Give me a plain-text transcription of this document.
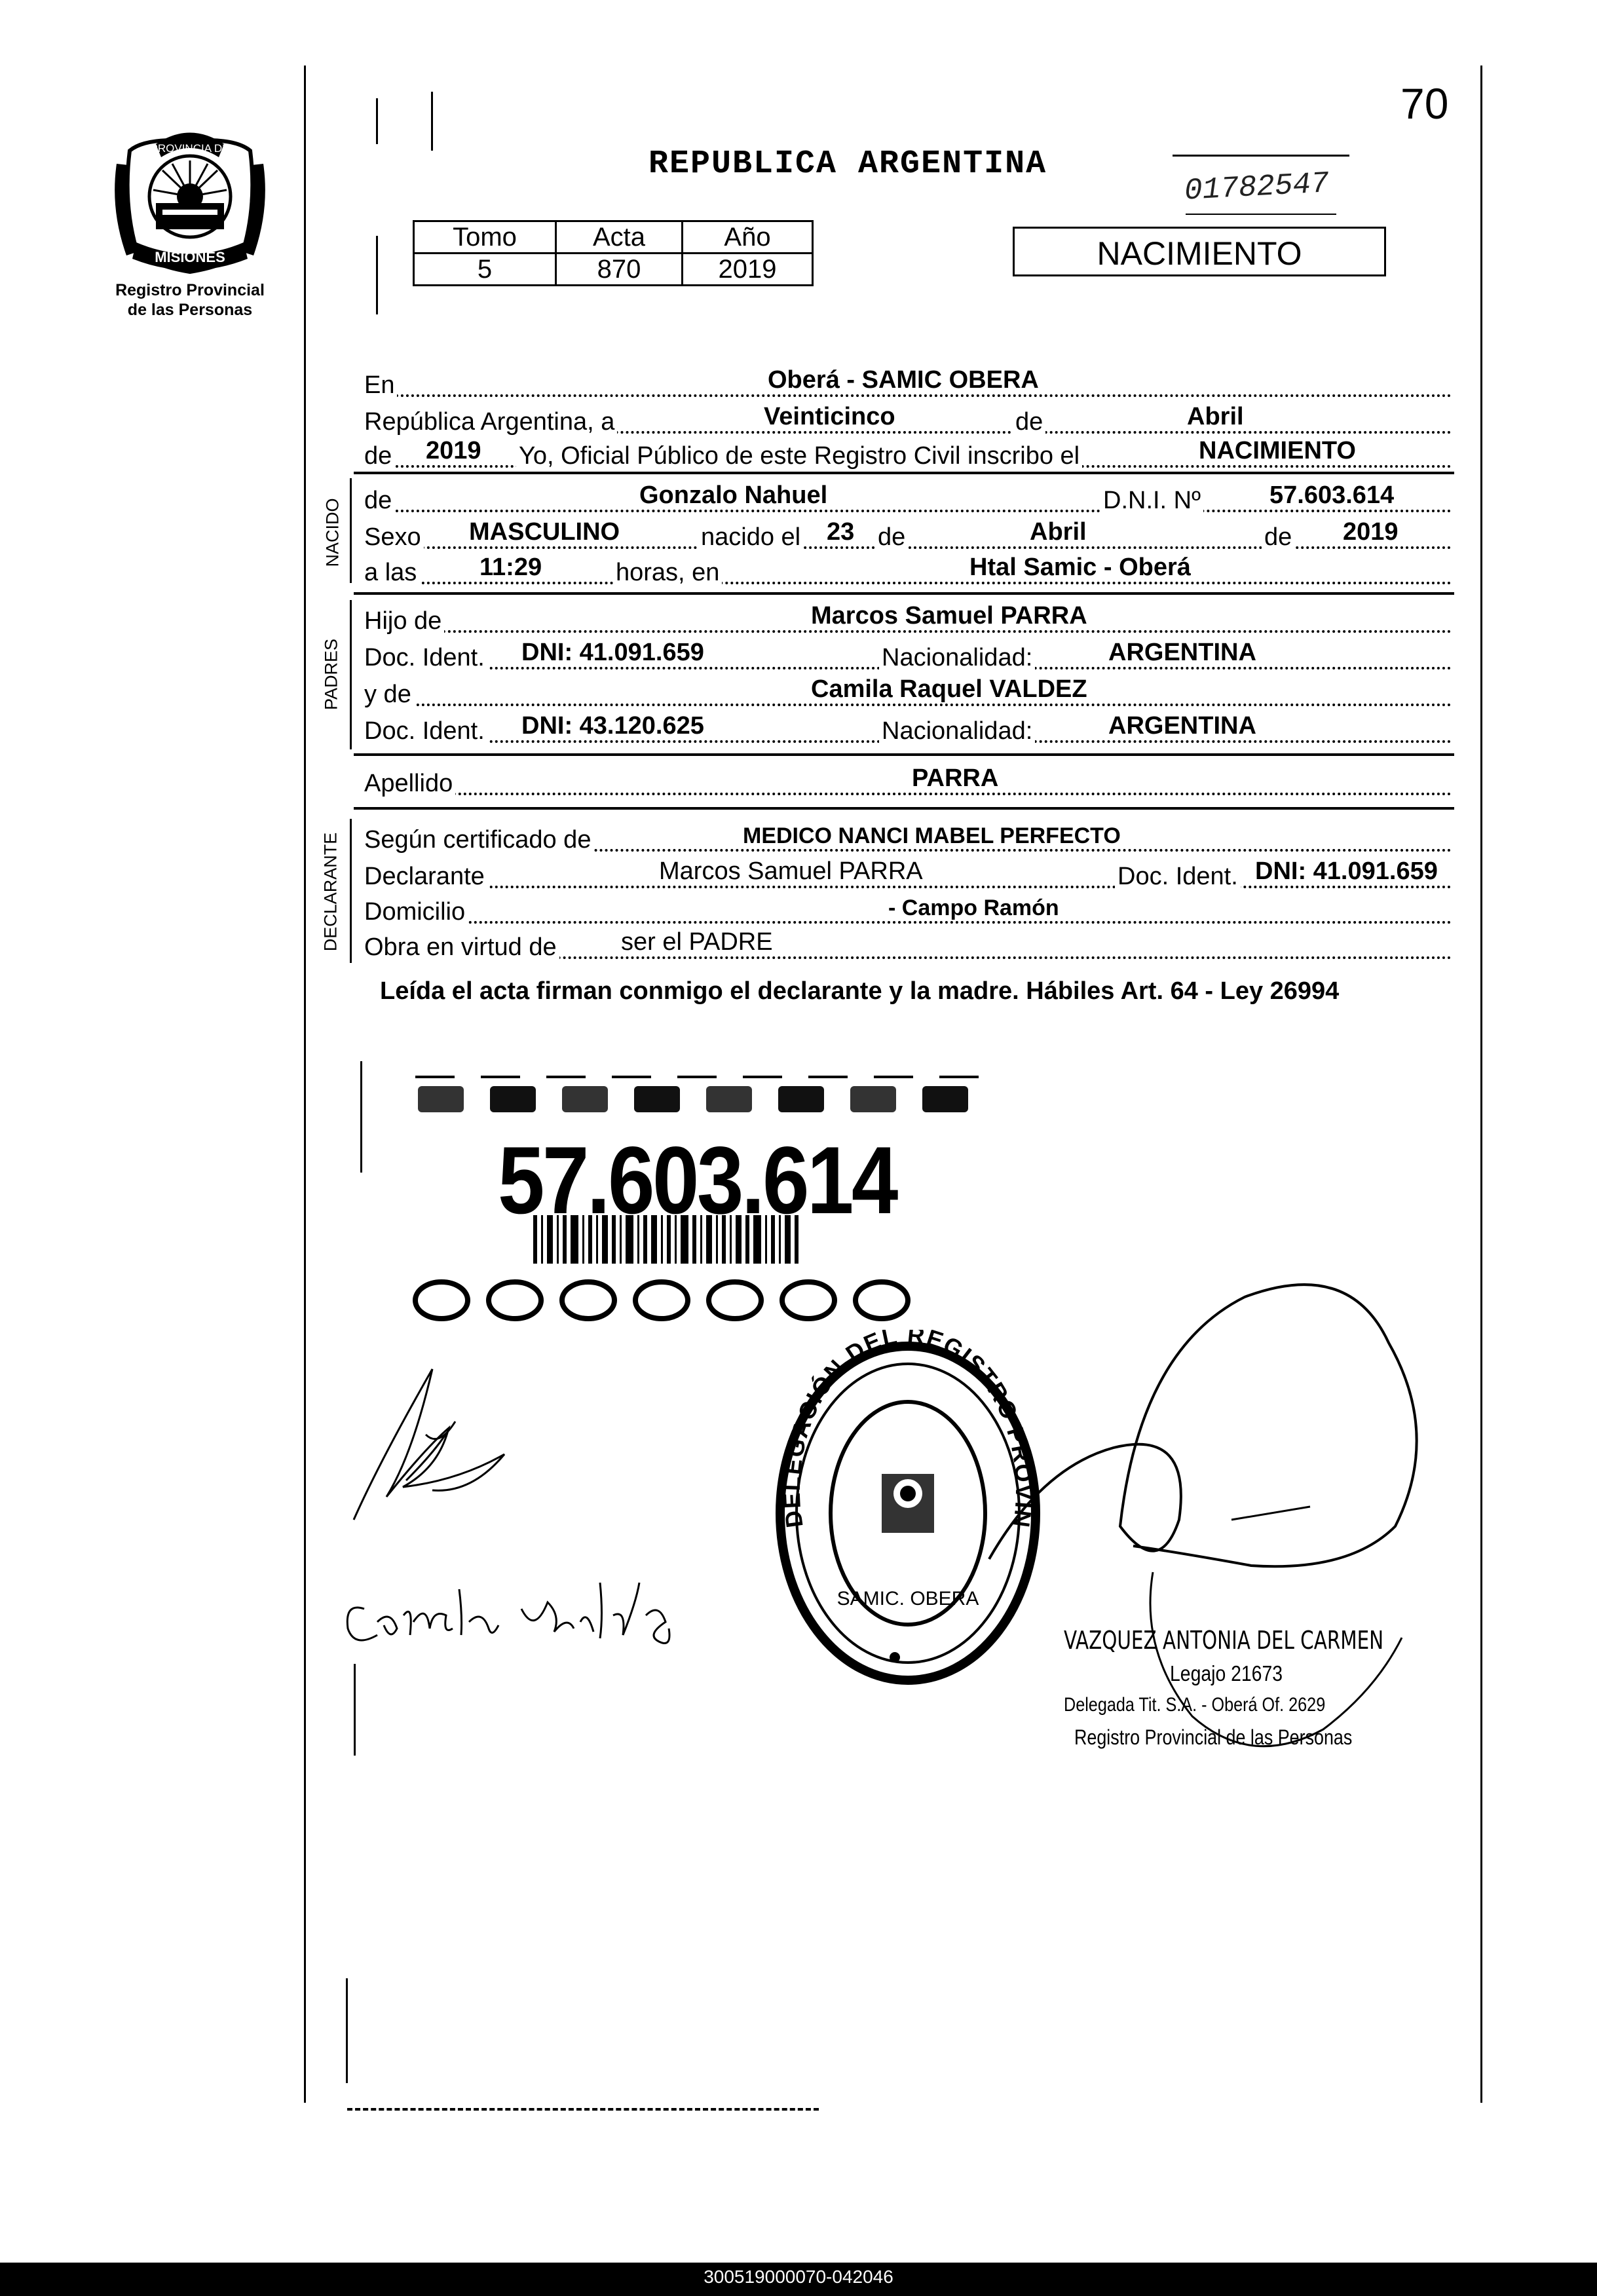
PROVINCIA DE
MISIONES
Registro Provincial
de las Personas
70
REPUBLICA ARGENTINA
01782547
Tomo	Acta	Año
5	870	2019	NACIMIENTO
En	Oberá - SAMIC OBERA
República Argentina, a	Veinticinco	de	Abril
de 2019 Yo, Oficial Público de este Registro Civil inscribo el	NACIMIENTO
NACIDO de	Gonzalo Nahuel	D.N.I. Nº	57.603.614
Sexo MASCULINO	nacido el 23 de	Abril	de 2019
a las	11:29	horas, en	Htal Samic - Oberá
PADRES
Hijo de	Marcos Samuel PARRA
Doc. Ident. DNI: 41.091.659	Nacionalidad:	ARGENTINA
y de	Camila Raquel VALDEZ
Doc. Ident. DNI: 43.120.625	Nacionalidad:	ARGENTINA
Apellido	PARRA
DECLARANTE Según certificado de	MEDICO NANCI MABEL PERFECTO
Declarante	Marcos Samuel PARRA	Doc. Ident. DNI: 41.091.659
Domicilio	- Campo Ramón
Obra en virtud de	ser el PADRE
Leída el acta firman conmigo el declarante y la madre. Hábiles Art. 64 - Ley 26994
57.603.614
DELEGACIÓN DEL REGISTRO PROVIN
SAMIC. OBERA
VAZQUEZ ANTONIA DEL CARMEN
Legajo 21673
Delegada Tit. S.A. - Oberá Of. 2629
Registro Provincial de las Personas
300519000070-042046
